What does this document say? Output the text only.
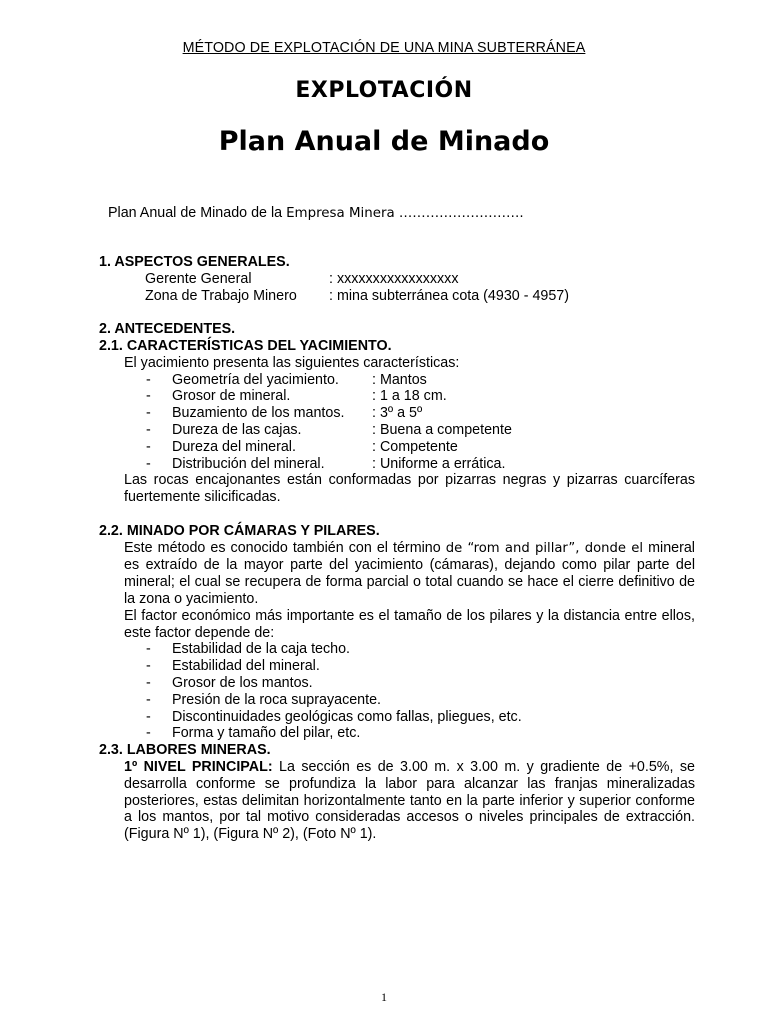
MÉTODO DE EXPLOTACIÓN DE UNA MINA SUBTERRÁNEA
EXPLOTACIÓN
Plan Anual de Minado
Plan Anual de Minado de la Empresa Minera ……………………….
1. ASPECTOS GENERALES.
Gerente General	: xxxxxxxxxxxxxxxxx
Zona de Trabajo Minero	: mina subterránea cota (4930 - 4957)
2. ANTECEDENTES.
2.1. CARACTERÍSTICAS DEL YACIMIENTO.
El yacimiento presenta las siguientes características:
-	Geometría del yacimiento.	: Mantos
-	Grosor de mineral.	: 1 a 18 cm.
-	Buzamiento de los mantos.	: 3º a 5º
-	Dureza de las cajas.	: Buena a competente
-	Dureza del mineral.	: Competente
-	Distribución del mineral.	: Uniforme a errática.
Las rocas encajonantes están conformadas por pizarras negras y pizarras cuarcíferas fuertemente silicificadas.
2.2. MINADO POR CÁMARAS Y PILARES.
Este método es conocido también con el término de “rom and pillar”, donde el mineral es extraído de la mayor parte del yacimiento (cámaras), dejando como pilar parte del mineral; el cual se recupera de forma parcial o total cuando se hace el cierre definitivo de la zona o yacimiento.
El factor económico más importante es el tamaño de los pilares y la distancia entre ellos, este factor depende de:
-	Estabilidad de la caja techo.
-	Estabilidad del mineral.
-	Grosor de los mantos.
-	Presión de la roca suprayacente.
-	Discontinuidades geológicas como fallas, pliegues, etc.
-	Forma y tamaño del pilar, etc.
2.3. LABORES MINERAS.
1º NIVEL PRINCIPAL: La sección es de 3.00 m. x 3.00 m. y gradiente de +0.5%, se desarrolla conforme se profundiza la labor para alcanzar las franjas mineralizadas posteriores, estas delimitan horizontalmente tanto en la parte inferior y superior conforme a los mantos, por tal motivo consideradas accesos o niveles principales de extracción. (Figura Nº 1), (Figura Nº 2), (Foto Nº 1).
1
